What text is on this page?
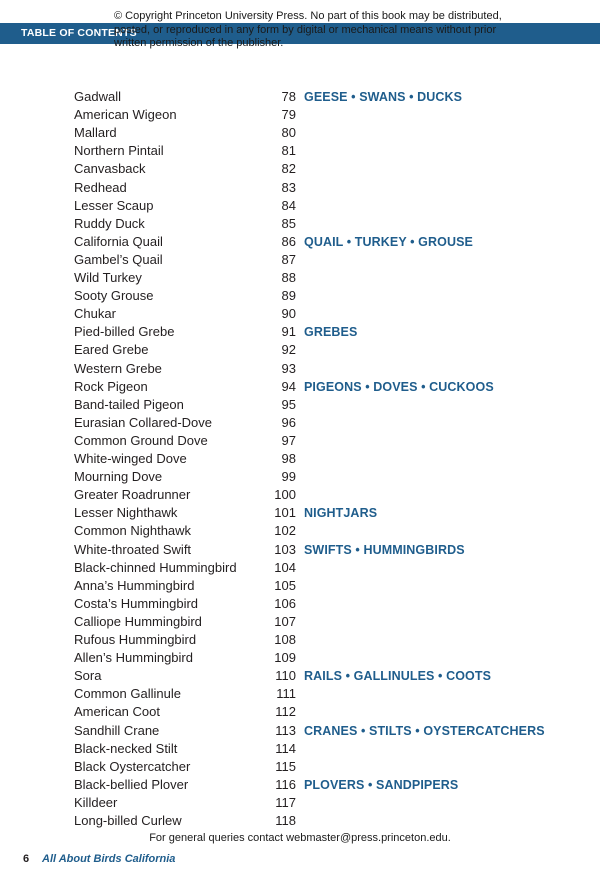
TABLE OF CONTENTS
© Copyright Princeton University Press. No part of this book may be distributed, posted, or reproduced in any form by digital or mechanical means without prior written permission of the publisher.
Gadwall	78 GEESE • SWANS • DUCKS
American Wigeon	79
Mallard	80
Northern Pintail	81
Canvasback	82
Redhead	83
Lesser Scaup	84
Ruddy Duck	85
California Quail	86 QUAIL • TURKEY • GROUSE
Gambel’s Quail	87
Wild Turkey	88
Sooty Grouse	89
Chukar	90
Pied-billed Grebe	91 GREBES
Eared Grebe	92
Western Grebe	93
Rock Pigeon	94 PIGEONS • DOVES • CUCKOOS
Band-tailed Pigeon	95
Eurasian Collared-Dove	96
Common Ground Dove	97
White-winged Dove	98
Mourning Dove	99
Greater Roadrunner	100
Lesser Nighthawk	101 NIGHTJARS
Common Nighthawk	102
White-throated Swift	103 SWIFTS • HUMMINGBIRDS
Black-chinned Hummingbird	104
Anna’s Hummingbird	105
Costa’s Hummingbird	106
Calliope Hummingbird	107
Rufous Hummingbird	108
Allen’s Hummingbird	109
Sora	110 RAILS • GALLINULES • COOTS
Common Gallinule	111
American Coot	112
Sandhill Crane	113 CRANES • STILTS • OYSTERCATCHERS
Black-necked Stilt	114
Black Oystercatcher	115
Black-bellied Plover	116 PLOVERS • SANDPIPERS
Killdeer	117
Long-billed Curlew	118
For general queries contact webmaster@press.princeton.edu.
6 All About Birds California
